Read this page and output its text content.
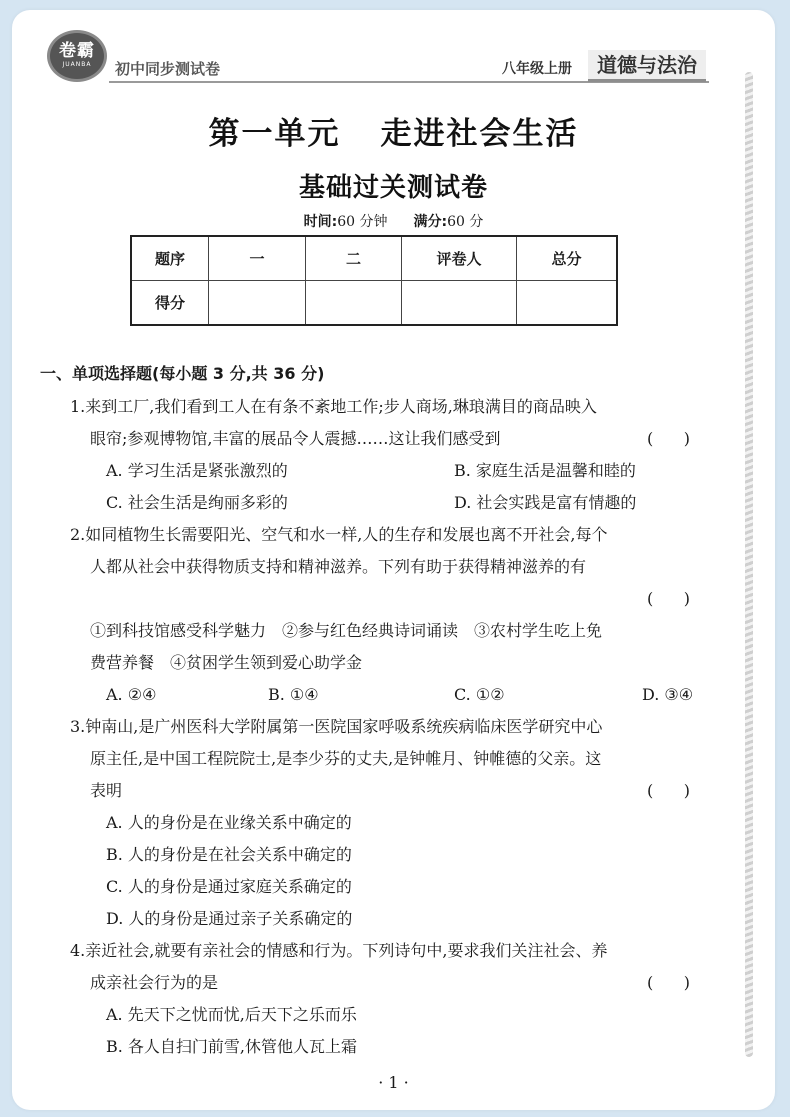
卷霸
JUANBA	初中同步测试卷	八年级上册	道德与法治
第一单元 走进社会生活
基础过关测试卷
时间:60 分钟 满分:60 分
题序	一	二	评卷人	总分
得分				
一、单项选择题(每小题 3 分,共 36 分)
1.来到工厂,我们看到工人在有条不紊地工作;步人商场,琳琅满目的商品映入
眼帘;参观博物馆,丰富的展品令人震撼……这让我们感受到	(      )
A. 学习生活是紧张激烈的	B. 家庭生活是温馨和睦的
C. 社会生活是绚丽多彩的	D. 社会实践是富有情趣的
2.如同植物生长需要阳光、空气和水一样,人的生存和发展也离不开社会,每个
人都从社会中获得物质支持和精神滋养。下列有助于获得精神滋养的有
(      )
①到科技馆感受科学魅力　②参与红色经典诗词诵读　③农村学生吃上免
费营养餐　④贫困学生领到爱心助学金
A. ②④	B. ①④	C. ①②	D. ③④
3.钟南山,是广州医科大学附属第一医院国家呼吸系统疾病临床医学研究中心
原主任,是中国工程院院士,是李少芬的丈夫,是钟帷月、钟帷德的父亲。这
表明	(      )
A. 人的身份是在业缘关系中确定的
B. 人的身份是在社会关系中确定的
C. 人的身份是通过家庭关系确定的
D. 人的身份是通过亲子关系确定的
4.亲近社会,就要有亲社会的情感和行为。下列诗句中,要求我们关注社会、养
成亲社会行为的是	(      )
A. 先天下之忧而忧,后天下之乐而乐
B. 各人自扫门前雪,休管他人瓦上霜
· 1 ·
